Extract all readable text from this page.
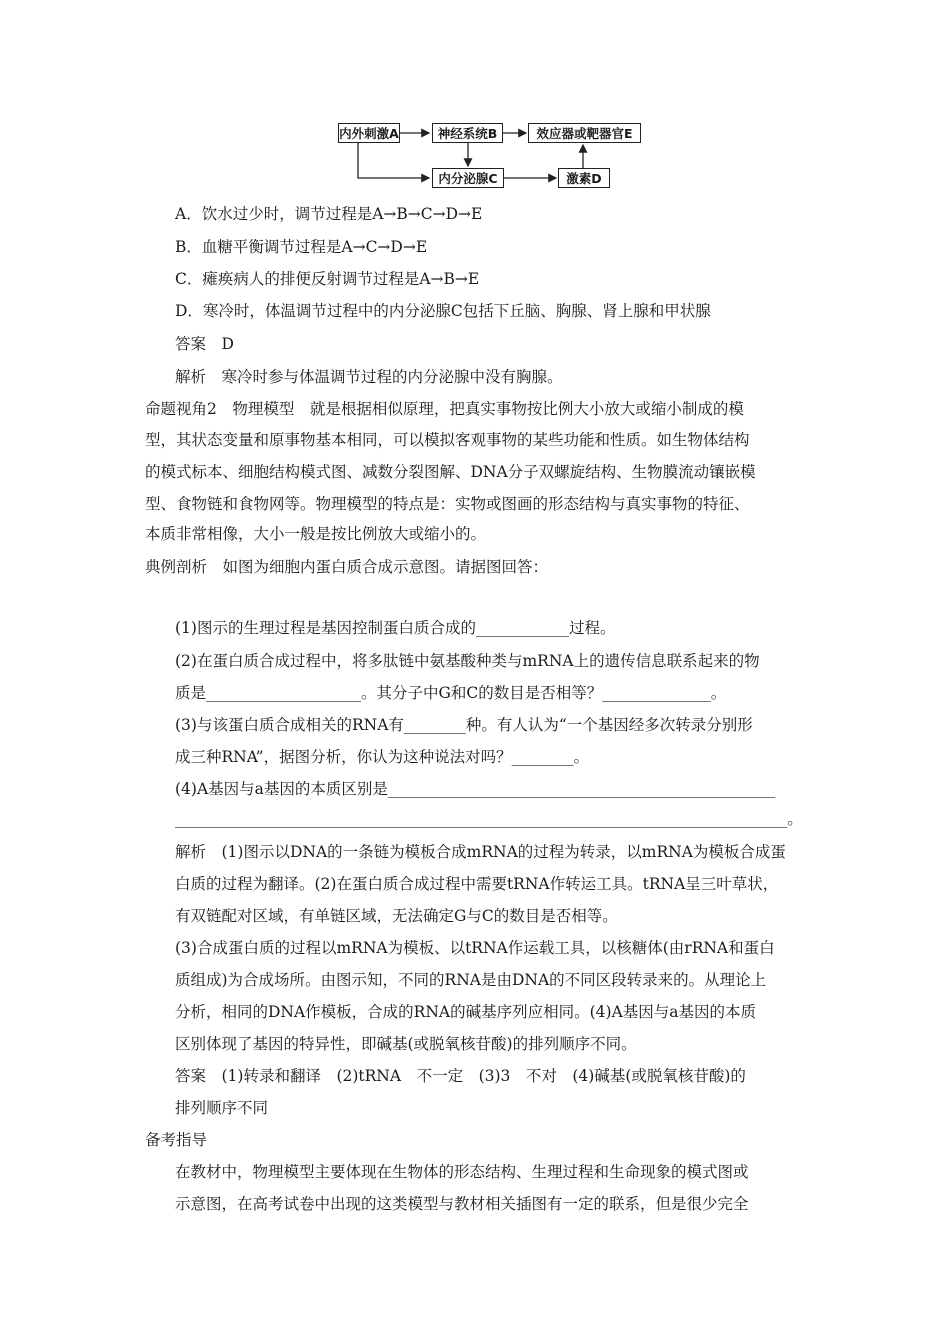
内外刺激A	神经系统B	效应器或靶器官E
内分泌腺C	激素D
A．饮水过少时，调节过程是A→B→C→D→E
B．血糖平衡调节过程是A→C→D→E
C．瘫痪病人的排便反射调节过程是A→B→E
D．寒冷时，体温调节过程中的内分泌腺C包括下丘脑、胸腺、肾上腺和甲状腺
答案　D
解析　寒冷时参与体温调节过程的内分泌腺中没有胸腺。
命题视角2　物理模型　就是根据相似原理，把真实事物按比例大小放大或缩小制成的模
型，其状态变量和原事物基本相同，可以模拟客观事物的某些功能和性质。如生物体结构
的模式标本、细胞结构模式图、减数分裂图解、DNA分子双螺旋结构、生物膜流动镶嵌模
型、食物链和食物网等。物理模型的特点是：实物或图画的形态结构与真实事物的特征、
本质非常相像，大小一般是按比例放大或缩小的。
典例剖析　如图为细胞内蛋白质合成示意图。请据图回答：
(1)图示的生理过程是基因控制蛋白质合成的____________过程。
(2)在蛋白质合成过程中，将多肽链中氨基酸种类与mRNA上的遗传信息联系起来的物
质是____________________。其分子中G和C的数目是否相等？______________。
(3)与该蛋白质合成相关的RNA有________种。有人认为“一个基因经多次转录分别形
成三种RNA”，据图分析，你认为这种说法对吗？________。
(4)A基因与a基因的本质区别是__________________________________________________
_______________________________________________________________________________。
解析　(1)图示以DNA的一条链为模板合成mRNA的过程为转录，以mRNA为模板合成蛋
白质的过程为翻译。(2)在蛋白质合成过程中需要tRNA作转运工具。tRNA呈三叶草状，
有双链配对区域，有单链区域，无法确定G与C的数目是否相等。
(3)合成蛋白质的过程以mRNA为模板、以tRNA作运载工具，以核糖体(由rRNA和蛋白
质组成)为合成场所。由图示知，不同的RNA是由DNA的不同区段转录来的。从理论上
分析，相同的DNA作模板，合成的RNA的碱基序列应相同。(4)A基因与a基因的本质
区别体现了基因的特异性，即碱基(或脱氧核苷酸)的排列顺序不同。
答案　(1)转录和翻译　(2)tRNA　不一定　(3)3　不对　(4)碱基(或脱氧核苷酸)的
排列顺序不同
备考指导
在教材中，物理模型主要体现在生物体的形态结构、生理过程和生命现象的模式图或
示意图，在高考试卷中出现的这类模型与教材相关插图有一定的联系，但是很少完全
